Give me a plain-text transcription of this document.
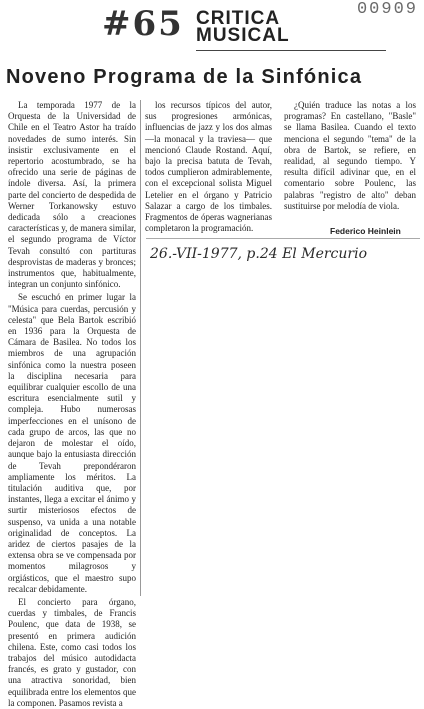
#65	00909
CRITICA
MUSICAL
Noveno Programa de la Sinfónica

La temporada 1977 de la Orquesta de la Universidad de Chile en el Teatro Astor ha traído novedades de sumo interés. Sin insistir exclusivamente en el repertorio acostumbrado, se ha ofrecido una serie de páginas de índole diversa. Así, la primera parte del concierto de despedida de Werner Torkanowsky estuvo dedicada sólo a creaciones características y, de manera similar, el segundo programa de Víctor Tevah consultó con partituras desprovistas de maderas y bronces; instrumentos que, habitualmente, integran un conjunto sinfónico.

Se escuchó en primer lugar la "Música para cuerdas, percusión y celesta" que Bela Bartok escribió en 1936 para la Orquesta de Cámara de Basilea. No todos los miembros de una agrupación sinfónica como la nuestra poseen la disciplina necesaria para equilibrar cualquier escollo de una escritura esencialmente sutil y compleja. Hubo numerosas imperfecciones en el unísono de cada grupo de arcos, las que no dejaron de molestar el oído, aunque bajo la entusiasta dirección de Tevah prepondéraron ampliamente los méritos. La titulación auditiva que, por instantes, llega a excitar el ánimo y surtir misteriosos efectos de suspenso, va unida a una notable originalidad de conceptos. La aridez de ciertos pasajes de la extensa obra se ve compensada por momentos milagrosos y orgiásticos, que el maestro supo recalcar debidamente.

El concierto para órgano, cuerdas y timbales, de Francis Poulenc, que data de 1938, se presentó en primera audición chilena. Este, como casi todos los trabajos del músico autodidacta francés, es grato y gustador, con una atractiva sonoridad, bien equilibrada entre los elementos que la componen. Pasamos revista a

los recursos típicos del autor, sus progresiones armónicas, influencias de jazz y los dos almas —la monacal y la traviesa— que mencionó Claude Rostand. Aquí, bajo la precisa batuta de Tevah, todos cumplieron admirablemente, con el excepcional solista Miguel Letelier en el órgano y Patricio Salazar a cargo de los timbales. Fragmentos de óperas wagnerianas completaron la programación.

¿Quién traduce las notas a los programas? En castellano, "Basle" se llama Basilea. Cuando el texto menciona el segundo "tema" de la obra de Bartok, se refiere, en realidad, al segundo tiempo. Y resulta difícil adivinar que, en el comentario sobre Poulenc, las palabras "registro de alto" deban sustituirse por melodía de viola.

Federico Heinlein
26.-VII-1977, p.24 El Mercurio
